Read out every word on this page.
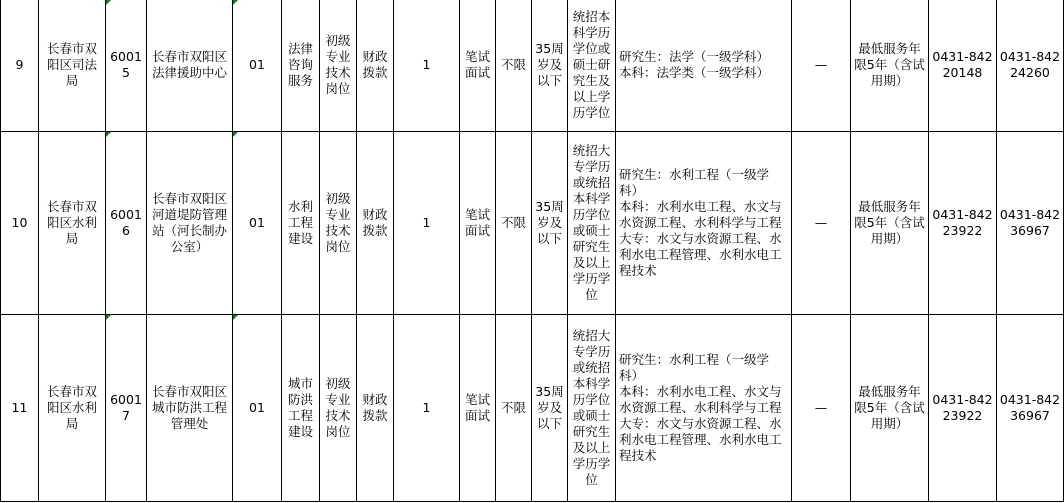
9	长春市双阳区司法局	60015	长春市双阳区法律援助中心	01	法律咨询服务	初级专业技术岗位	财政拨款	1	笔试面试	不限	35周岁及以下	统招本科学历学位或硕士研究生及以上学历学位	研究生：法学（一级学科）
本科：法学类（一级学科）	—	最低服务年限5年（含试用期）	0431-84220148	0431-84224260
10	长春市双阳区水利局	60016	长春市双阳区河道堤防管理站（河长制办公室）	01	水利工程建设	初级专业技术岗位	财政拨款	1	笔试面试	不限	35周岁及以下	统招大专学历或统招本科学历学位或硕士研究生及以上学历学位	研究生：水利工程（一级学科）
本科：水利水电工程、水文与水资源工程、水利科学与工程
大专：水文与水资源工程、水利水电工程管理、水利水电工程技术	—	最低服务年限5年（含试用期）	0431-84223922	0431-84236967
11	长春市双阳区水利局	60017	长春市双阳区城市防洪工程管理处	01	城市防洪工程建设	初级专业技术岗位	财政拨款	1	笔试面试	不限	35周岁及以下	统招大专学历或统招本科学历学位或硕士研究生及以上学历学位	研究生：水利工程（一级学科）
本科：水利水电工程、水文与水资源工程、水利科学与工程
大专：水文与水资源工程、水利水电工程管理、水利水电工程技术	—	最低服务年限5年（含试用期）	0431-84223922	0431-84236967
